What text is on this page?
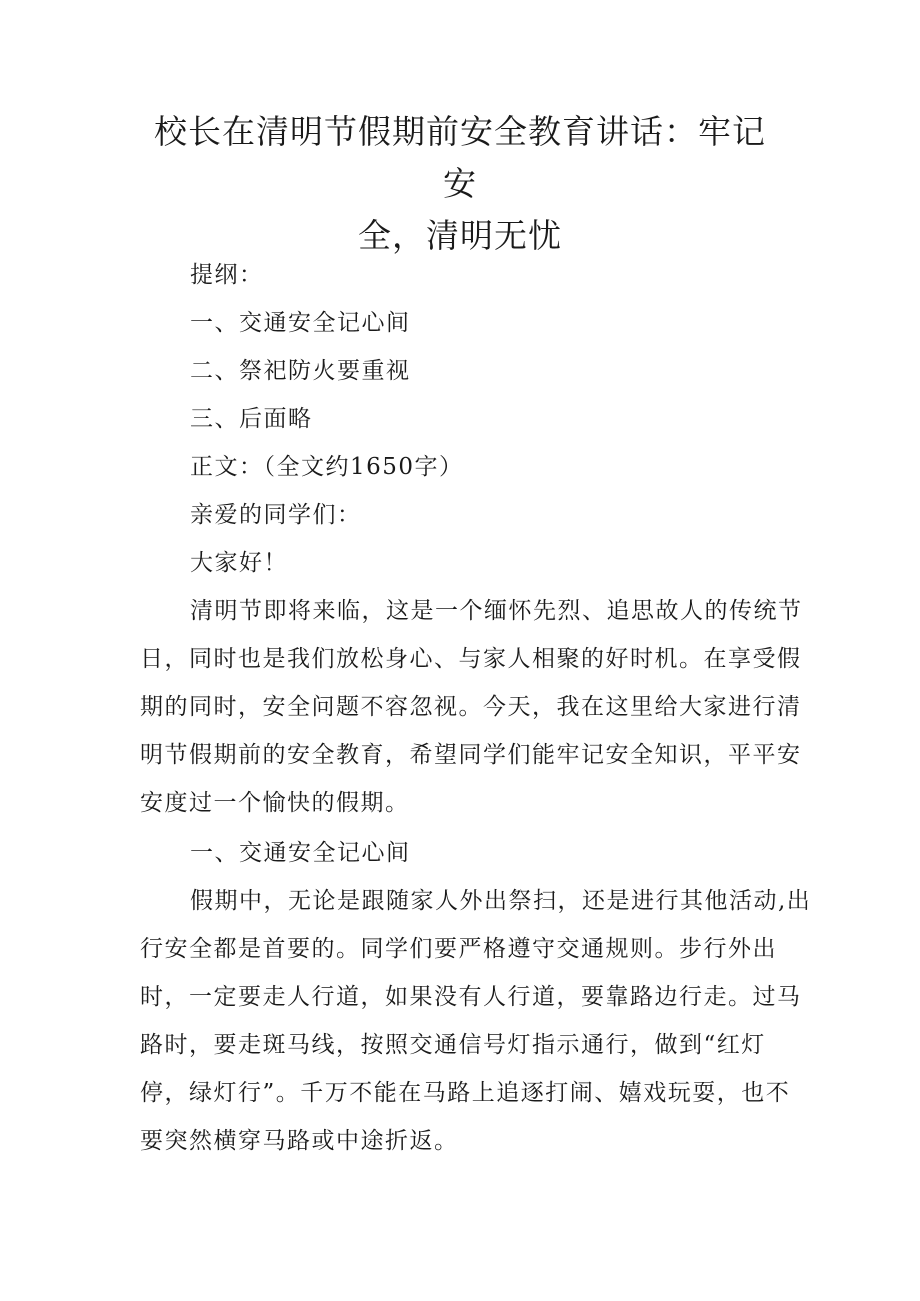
校长在清明节假期前安全教育讲话：牢记安
全，清明无忧

提纲：

一、交通安全记心间

二、祭祀防火要重视

三、后面略

正文：（全文约1650字）

亲爱的同学们：

大家好！

清明节即将来临，这是一个缅怀先烈、追思故人的传统节
日，同时也是我们放松身心、与家人相聚的好时机。在享受假
期的同时，安全问题不容忽视。今天，我在这里给大家进行清
明节假期前的安全教育，希望同学们能牢记安全知识，平平安
安度过一个愉快的假期。

一、交通安全记心间

假期中，无论是跟随家人外出祭扫，还是进行其他活动,出
行安全都是首要的。同学们要严格遵守交通规则。步行外出
时，一定要走人行道，如果没有人行道，要靠路边行走。过马
路时，要走斑马线，按照交通信号灯指示通行，做到“红灯
停，绿灯行”。千万不能在马路上追逐打闹、嬉戏玩耍，也不
要突然横穿马路或中途折返。
